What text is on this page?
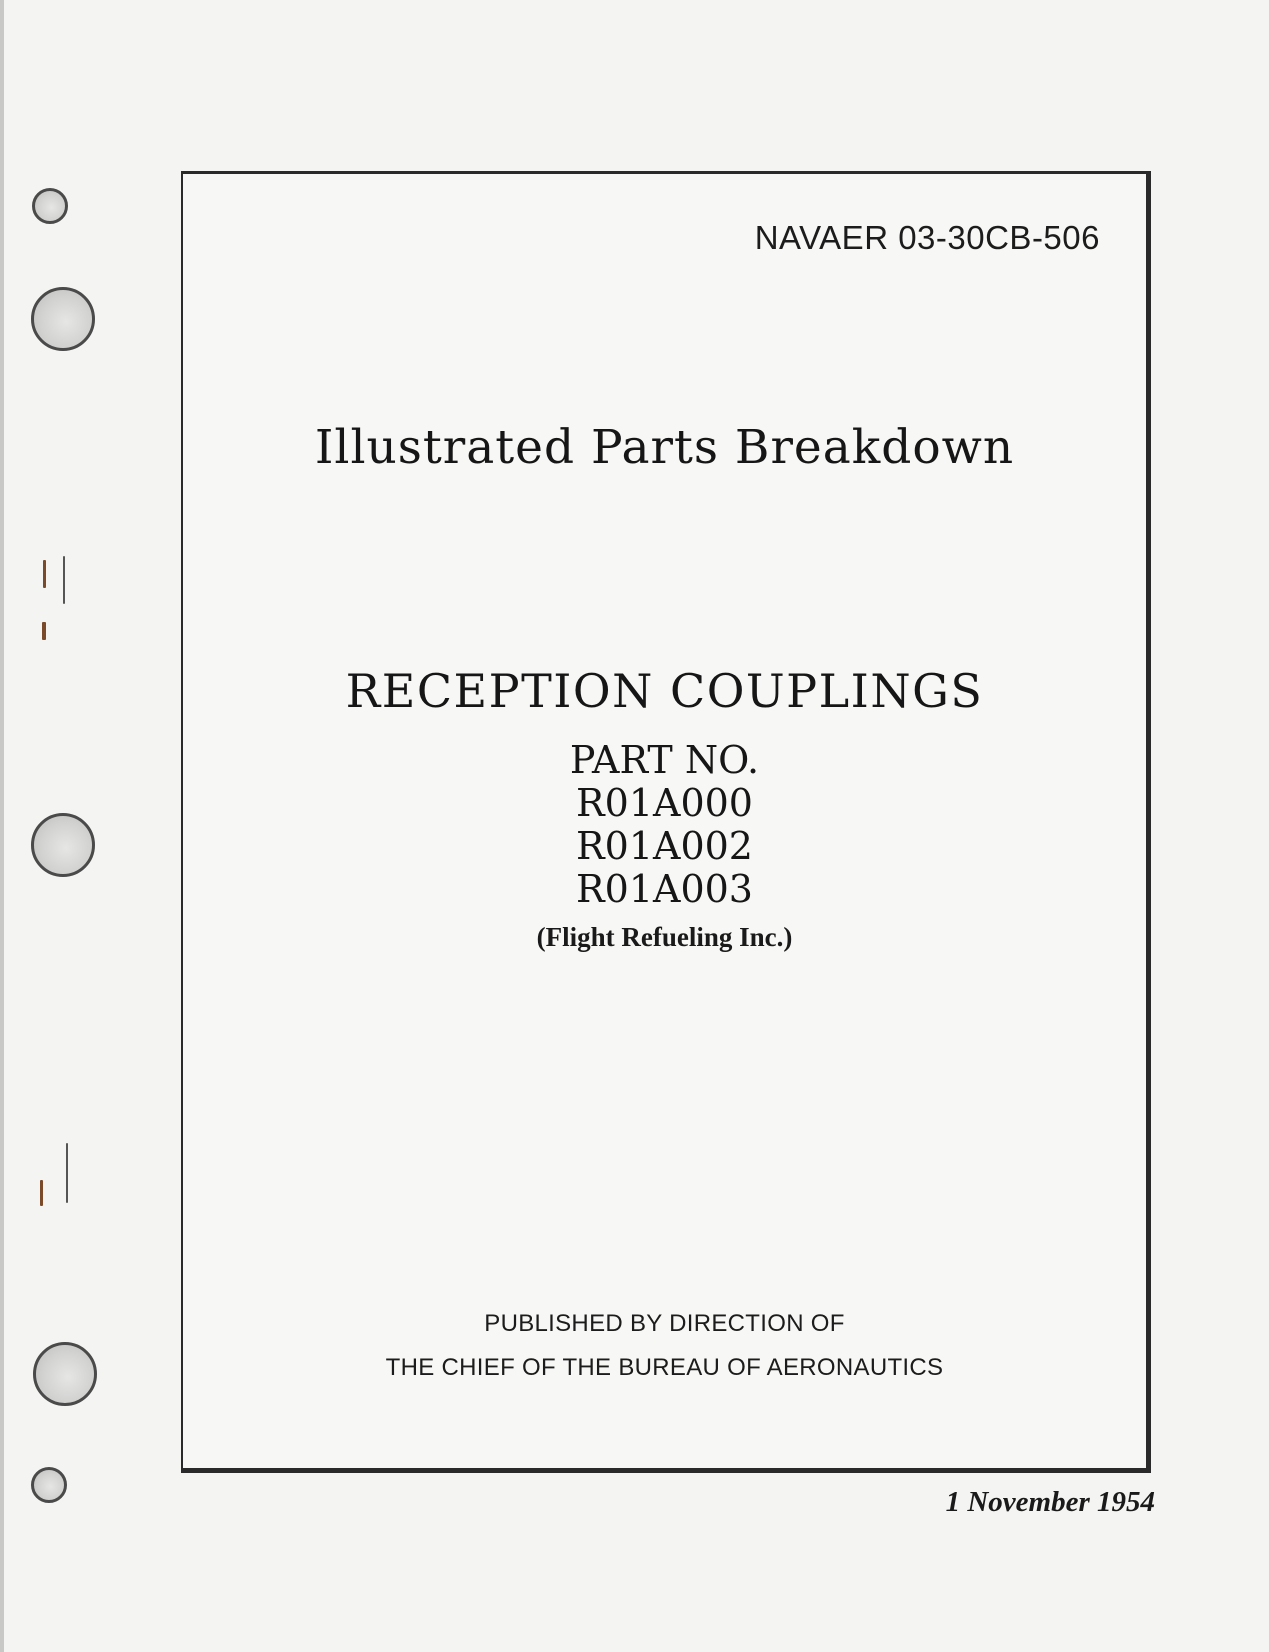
NAVAER 03-30CB-506
Illustrated Parts Breakdown
RECEPTION COUPLINGS
PART NO.
R01A000
R01A002
R01A003
(Flight Refueling Inc.)
PUBLISHED BY DIRECTION OF
THE CHIEF OF THE BUREAU OF AERONAUTICS
1 November 1954
